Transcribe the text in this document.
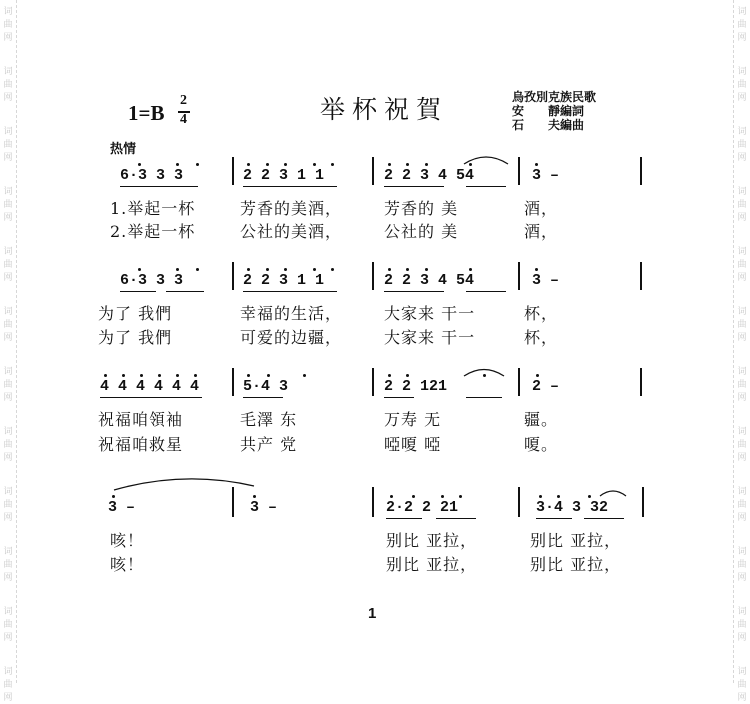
词
曲
网
词
曲
网
词
曲
网
词
曲
网
词
曲
网
词
曲
网
词
曲
网
词
曲
网
词
曲
网
词
曲
网
词
曲
网
词
曲
网
词
曲
网
词
曲
网
词
曲
网
词
曲
网
词
曲
网
词
曲
网
词
曲
网
词
曲
网
词
曲
网
词
曲
网
词
曲
网
词
曲
网
1=B
2
4	举杯祝賀	烏孜別克族民歌
安　　靜編詞
石　　夫編曲
热情
6·3 3 3	2 2 3 1 1	2 2 3 4 54	3 –
1.举起一杯	芳香的美酒，	芳香的 美	酒，
2.举起一杯	公社的美酒，	公社的 美	酒，
6·3 3 3	2 2 3 1 1	2 2 3 4 54	3 –
为了 我們	幸福的生活，	大家来 干一	杯，
为了 我們	可爱的边疆，	大家来 干一	杯，
4 4 4 4 4 4	5·4 3	2 2 121	2 –
祝福咱領袖	毛澤 东	万寿 无	疆。
祝福咱救星	共产 党	啞嗄 啞	嗄。
3 –	3 –	2·2 2 21	3·4 3 32
咳！	别比 亚拉，	别比 亚拉，
咳！	别比 亚拉，	别比 亚拉，
1
